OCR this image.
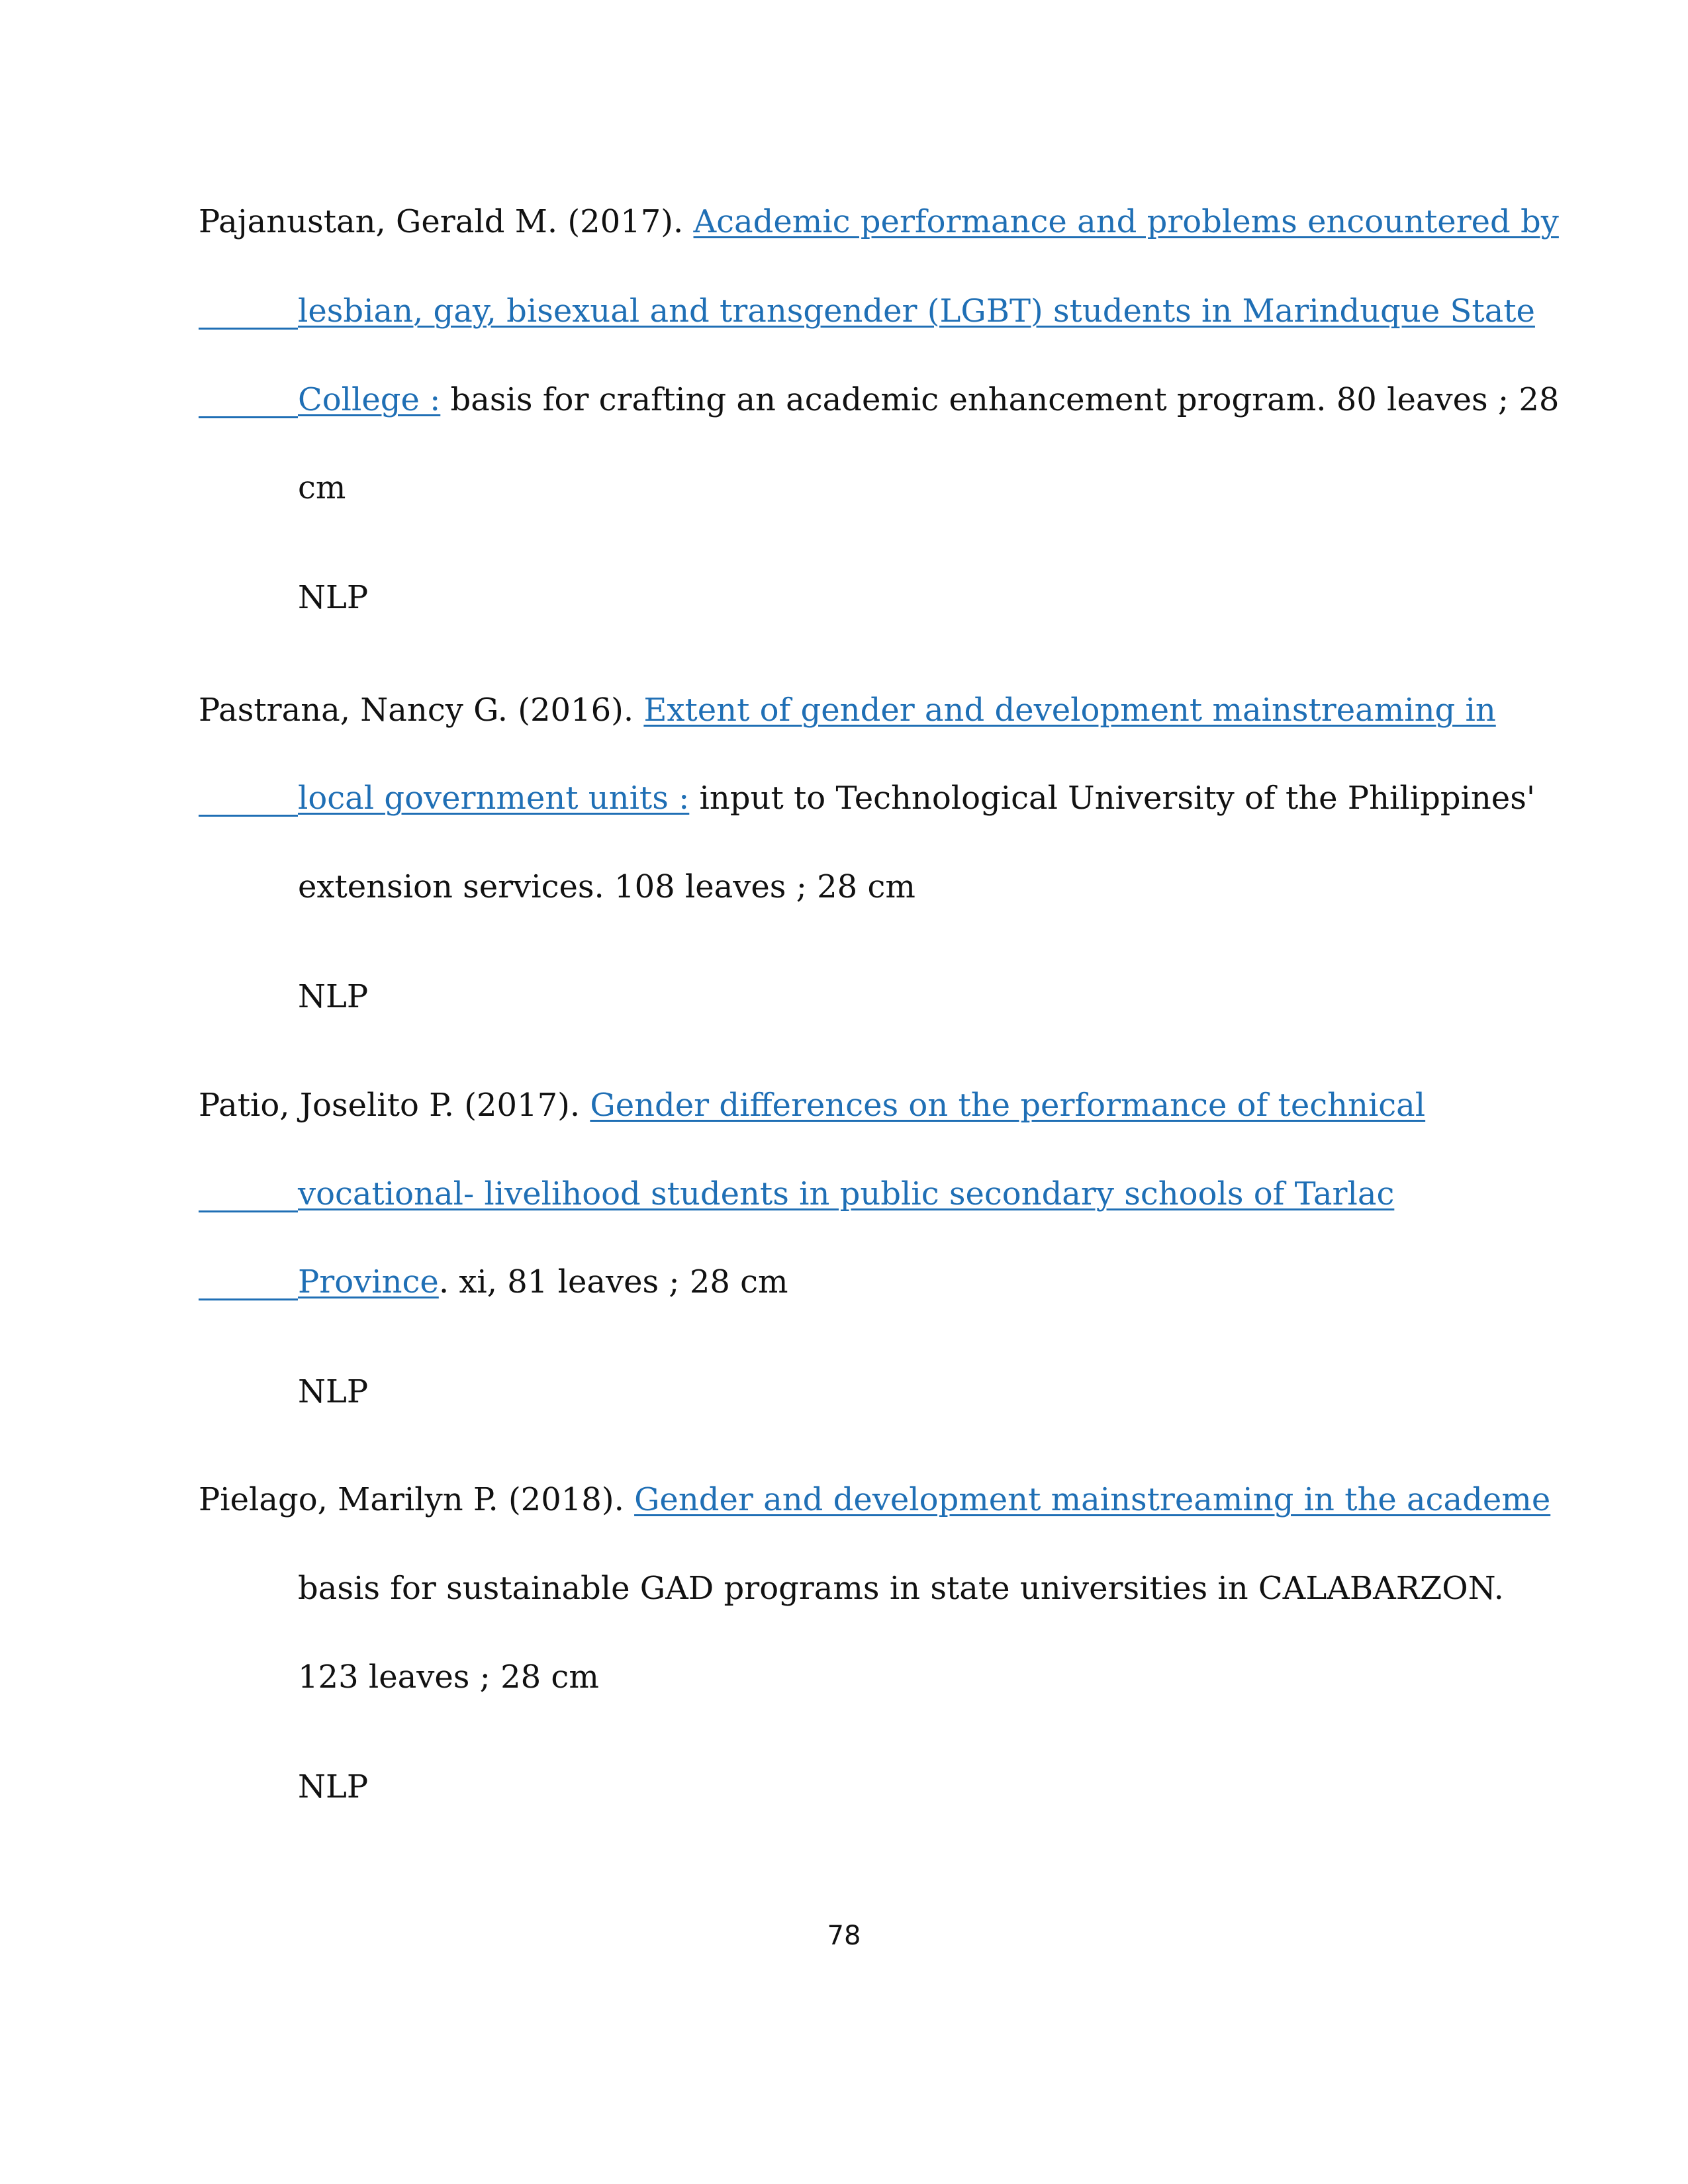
Pajanustan, Gerald M. (2017). Academic performance and problems encountered by
lesbian, gay, bisexual and transgender (LGBT) students in Marinduque State
College : basis for crafting an academic enhancement program. 80 leaves ; 28
cm
NLP
Pastrana, Nancy G. (2016). Extent of gender and development mainstreaming in
local government units : input to Technological University of the Philippines'
extension services. 108 leaves ; 28 cm
NLP
Patio, Joselito P. (2017). Gender differences on the performance of technical
vocational- livelihood students in public secondary schools of Tarlac
Province. xi, 81 leaves ; 28 cm
NLP
Pielago, Marilyn P. (2018). Gender and development mainstreaming in the academe
basis for sustainable GAD programs in state universities in CALABARZON.
123 leaves ; 28 cm
NLP
78
